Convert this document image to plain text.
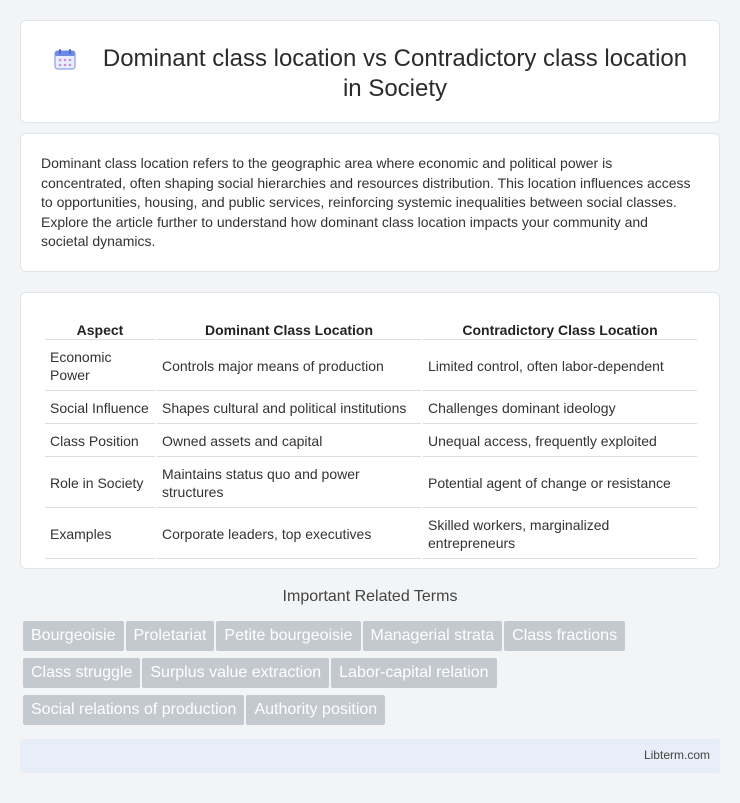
Dominant class location vs Contradictory class location in Society

Dominant class location refers to the geographic area where economic and political power is concentrated, often shaping social hierarchies and resources distribution. This location influences access to opportunities, housing, and public services, reinforcing systemic inequalities between social classes. Explore the article further to understand how dominant class location impacts your community and societal dynamics.

Aspect	Dominant Class Location	Contradictory Class Location
Economic Power	Controls major means of production	Limited control, often labor-dependent
Social Influence	Shapes cultural and political institutions	Challenges dominant ideology
Class Position	Owned assets and capital	Unequal access, frequently exploited
Role in Society	Maintains status quo and power structures	Potential agent of change or resistance
Examples	Corporate leaders, top executives	Skilled workers, marginalized entrepreneurs
Important Related Terms
Bourgeoisie Proletariat Petite bourgeoisie Managerial strata Class fractions
Class struggle Surplus value extraction Labor-capital relation
Social relations of production Authority position
Libterm.com
